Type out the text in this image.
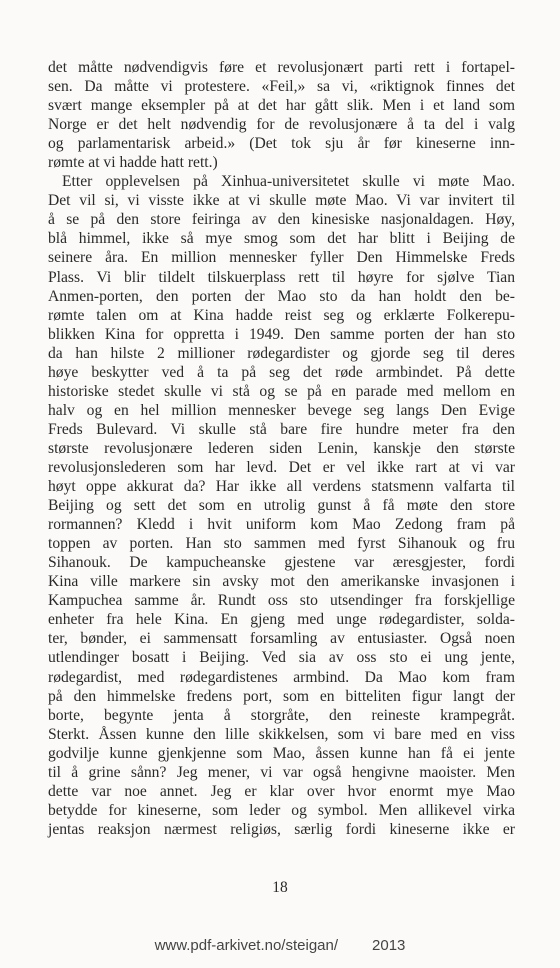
det måtte nødvendigvis føre et revolusjonært parti rett i fortapel-
sen. Da måtte vi protestere. «Feil,» sa vi, «riktignok finnes det
svært mange eksempler på at det har gått slik. Men i et land som
Norge er det helt nødvendig for de revolusjonære å ta del i valg
og parlamentarisk arbeid.» (Det tok sju år før kineserne inn-
rømte at vi hadde hatt rett.)
Etter opplevelsen på Xinhua-universitetet skulle vi møte Mao.
Det vil si, vi visste ikke at vi skulle møte Mao. Vi var invitert til
å se på den store feiringa av den kinesiske nasjonaldagen. Høy,
blå himmel, ikke så mye smog som det har blitt i Beijing de
seinere åra. En million mennesker fyller Den Himmelske Freds
Plass. Vi blir tildelt tilskuerplass rett til høyre for sjølve Tian
Anmen-porten, den porten der Mao sto da han holdt den be-
rømte talen om at Kina hadde reist seg og erklærte Folkerepu-
blikken Kina for oppretta i 1949. Den samme porten der han sto
da han hilste 2 millioner rødegardister og gjorde seg til deres
høye beskytter ved å ta på seg det røde armbindet. På dette
historiske stedet skulle vi stå og se på en parade med mellom en
halv og en hel million mennesker bevege seg langs Den Evige
Freds Bulevard. Vi skulle stå bare fire hundre meter fra den
største revolusjonære lederen siden Lenin, kanskje den største
revolusjonslederen som har levd. Det er vel ikke rart at vi var
høyt oppe akkurat da? Har ikke all verdens statsmenn valfarta til
Beijing og sett det som en utrolig gunst å få møte den store
rormannen? Kledd i hvit uniform kom Mao Zedong fram på
toppen av porten. Han sto sammen med fyrst Sihanouk og fru
Sihanouk. De kampucheanske gjestene var æresgjester, fordi
Kina ville markere sin avsky mot den amerikanske invasjonen i
Kampuchea samme år. Rundt oss sto utsendinger fra forskjellige
enheter fra hele Kina. En gjeng med unge rødegardister, solda-
ter, bønder, ei sammensatt forsamling av entusiaster. Også noen
utlendinger bosatt i Beijing. Ved sia av oss sto ei ung jente,
rødegardist, med rødegardistenes armbind. Da Mao kom fram
på den himmelske fredens port, som en bitteliten figur langt der
borte, begynte jenta å storgråte, den reineste krampegråt.
Sterkt. Åssen kunne den lille skikkelsen, som vi bare med en viss
godvilje kunne gjenkjenne som Mao, åssen kunne han få ei jente
til å grine sånn? Jeg mener, vi var også hengivne maoister. Men
dette var noe annet. Jeg er klar over hvor enormt mye Mao
betydde for kineserne, som leder og symbol. Men allikevel virka
jentas reaksjon nærmest religiøs, særlig fordi kineserne ikke er
18
www.pdf-arkivet.no/steigan/ 2013
